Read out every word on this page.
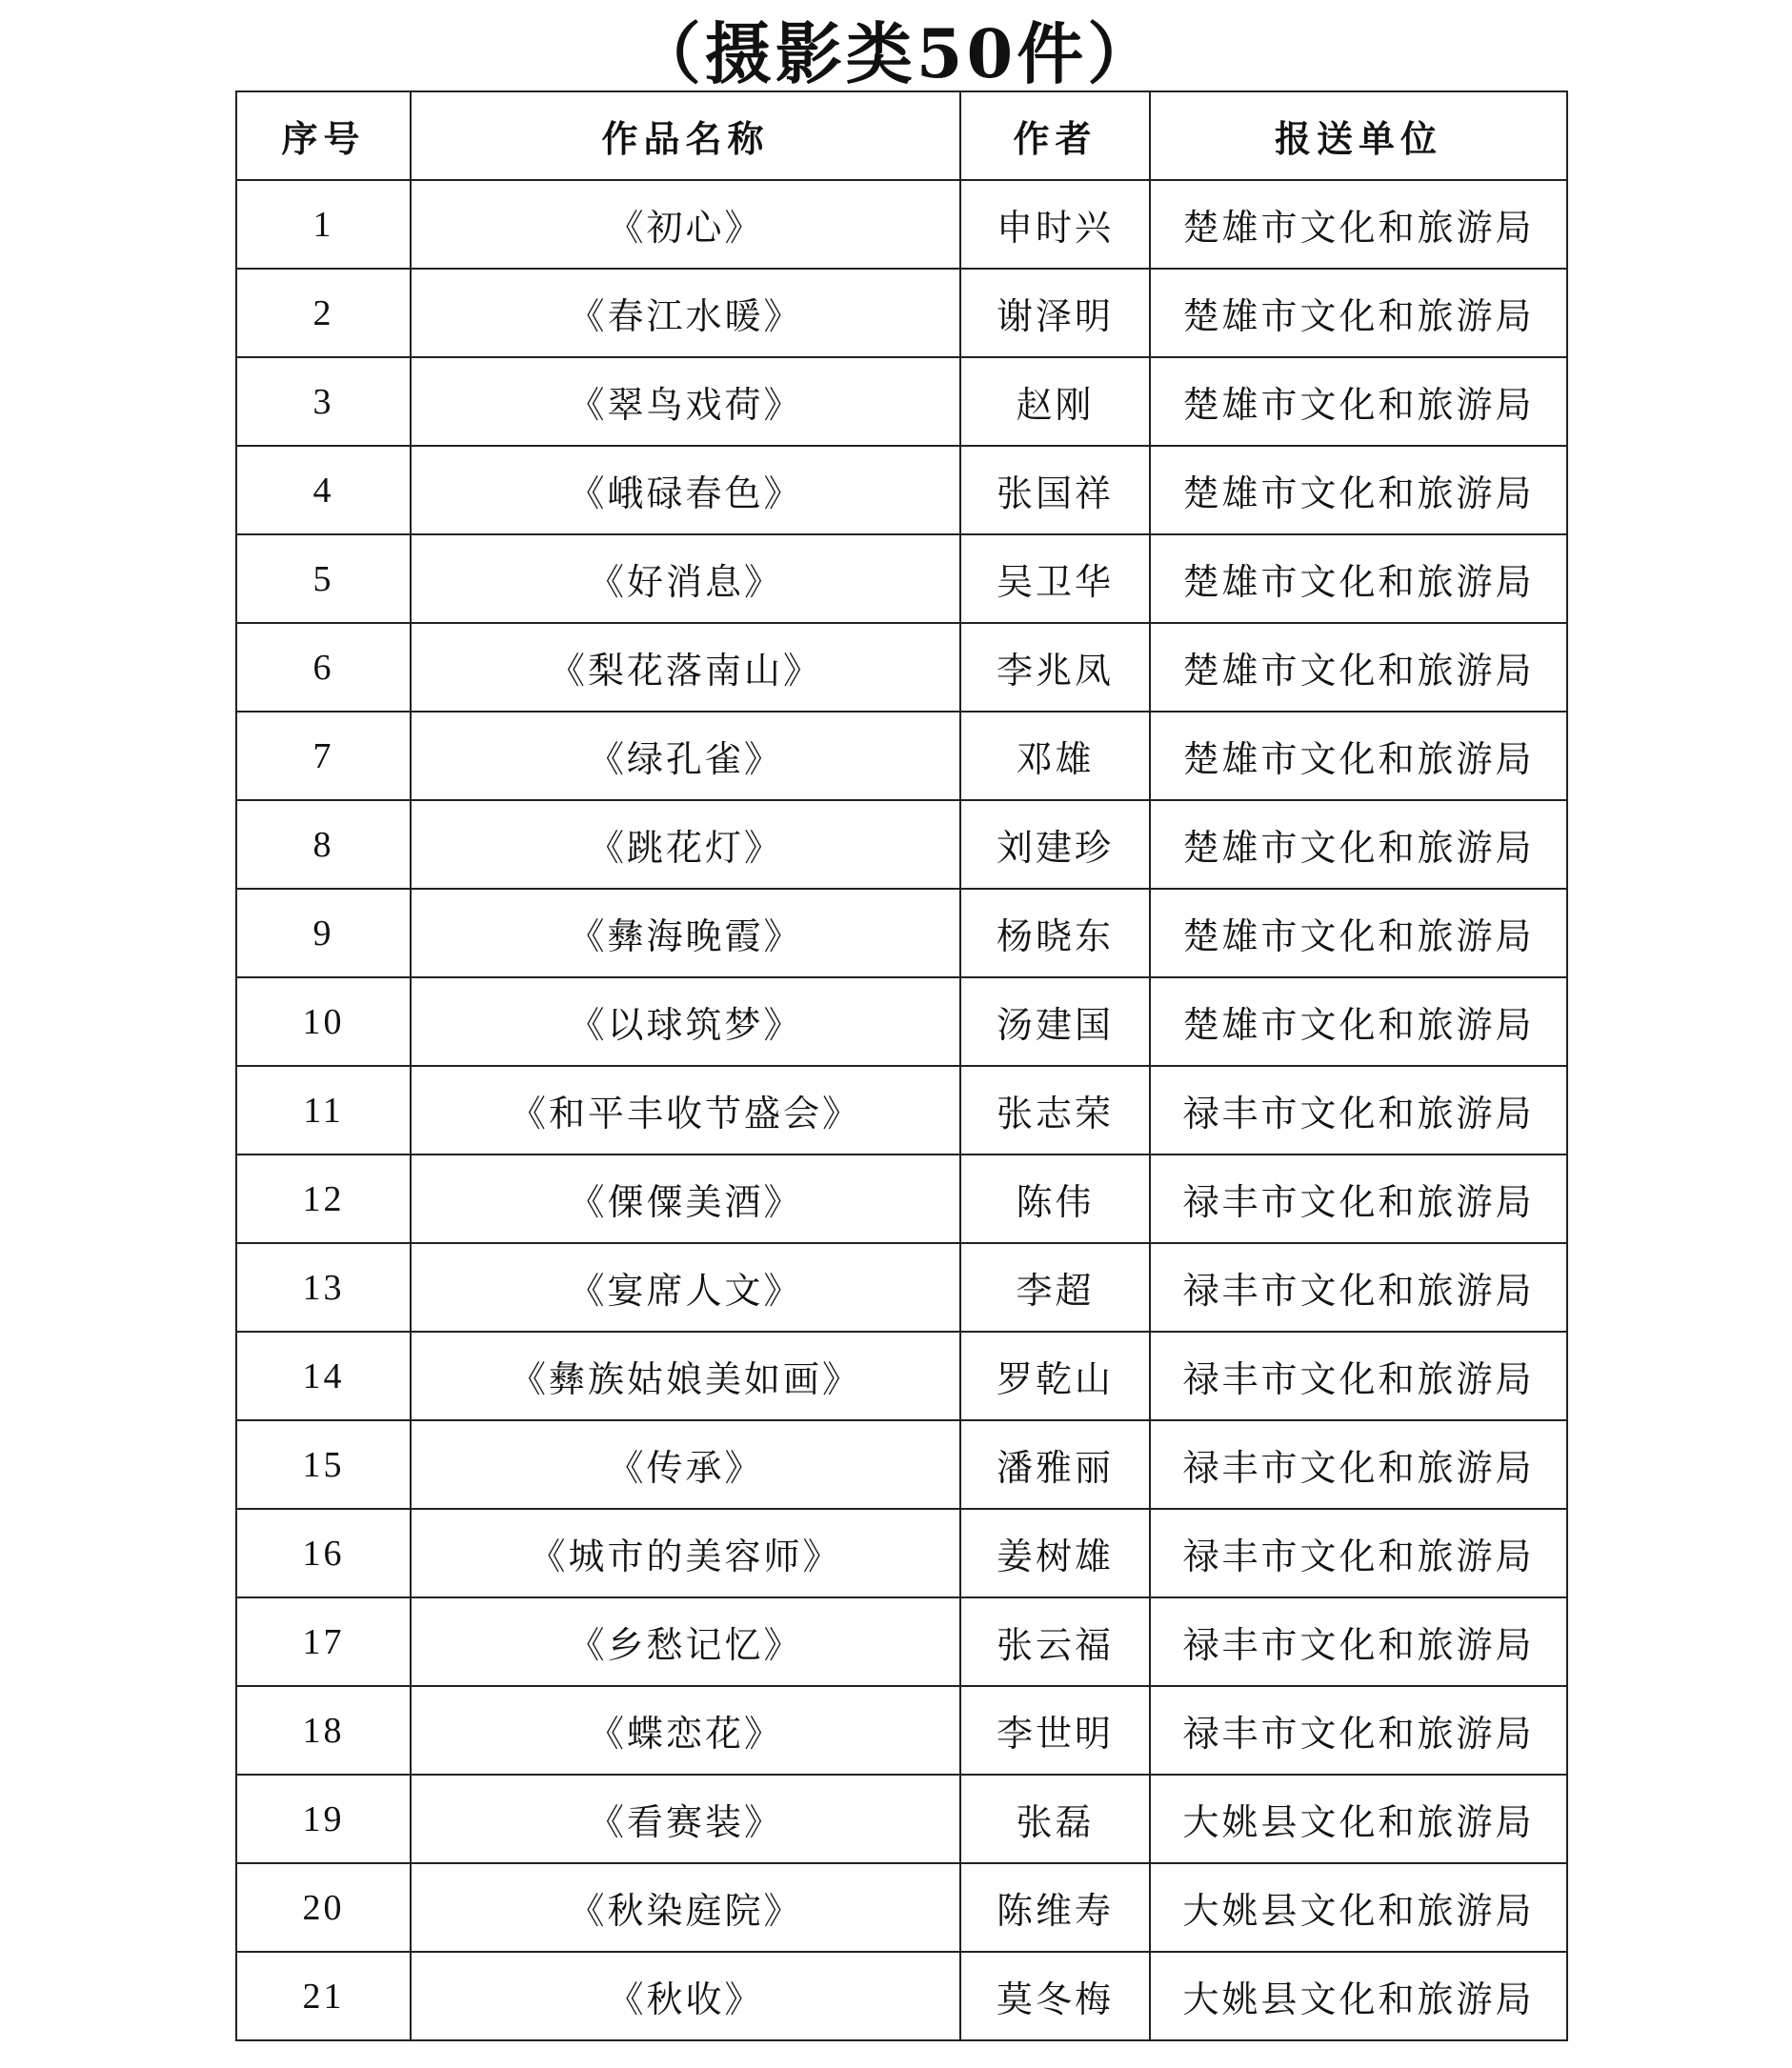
（摄影类50件）
序号	作品名称	作者	报送单位
1	《初心》	申时兴	楚雄市文化和旅游局
2	《春江水暖》	谢泽明	楚雄市文化和旅游局
3	《翠鸟戏荷》	赵刚	楚雄市文化和旅游局
4	《峨碌春色》	张国祥	楚雄市文化和旅游局
5	《好消息》	吴卫华	楚雄市文化和旅游局
6	《梨花落南山》	李兆凤	楚雄市文化和旅游局
7	《绿孔雀》	邓雄	楚雄市文化和旅游局
8	《跳花灯》	刘建珍	楚雄市文化和旅游局
9	《彝海晚霞》	杨晓东	楚雄市文化和旅游局
10	《以球筑梦》	汤建国	楚雄市文化和旅游局
11	《和平丰收节盛会》	张志荣	禄丰市文化和旅游局
12	《傈僳美酒》	陈伟	禄丰市文化和旅游局
13	《宴席人文》	李超	禄丰市文化和旅游局
14	《彝族姑娘美如画》	罗乾山	禄丰市文化和旅游局
15	《传承》	潘雅丽	禄丰市文化和旅游局
16	《城市的美容师》	姜树雄	禄丰市文化和旅游局
17	《乡愁记忆》	张云福	禄丰市文化和旅游局
18	《蝶恋花》	李世明	禄丰市文化和旅游局
19	《看赛装》	张磊	大姚县文化和旅游局
20	《秋染庭院》	陈维寿	大姚县文化和旅游局
21	《秋收》	莫冬梅	大姚县文化和旅游局
